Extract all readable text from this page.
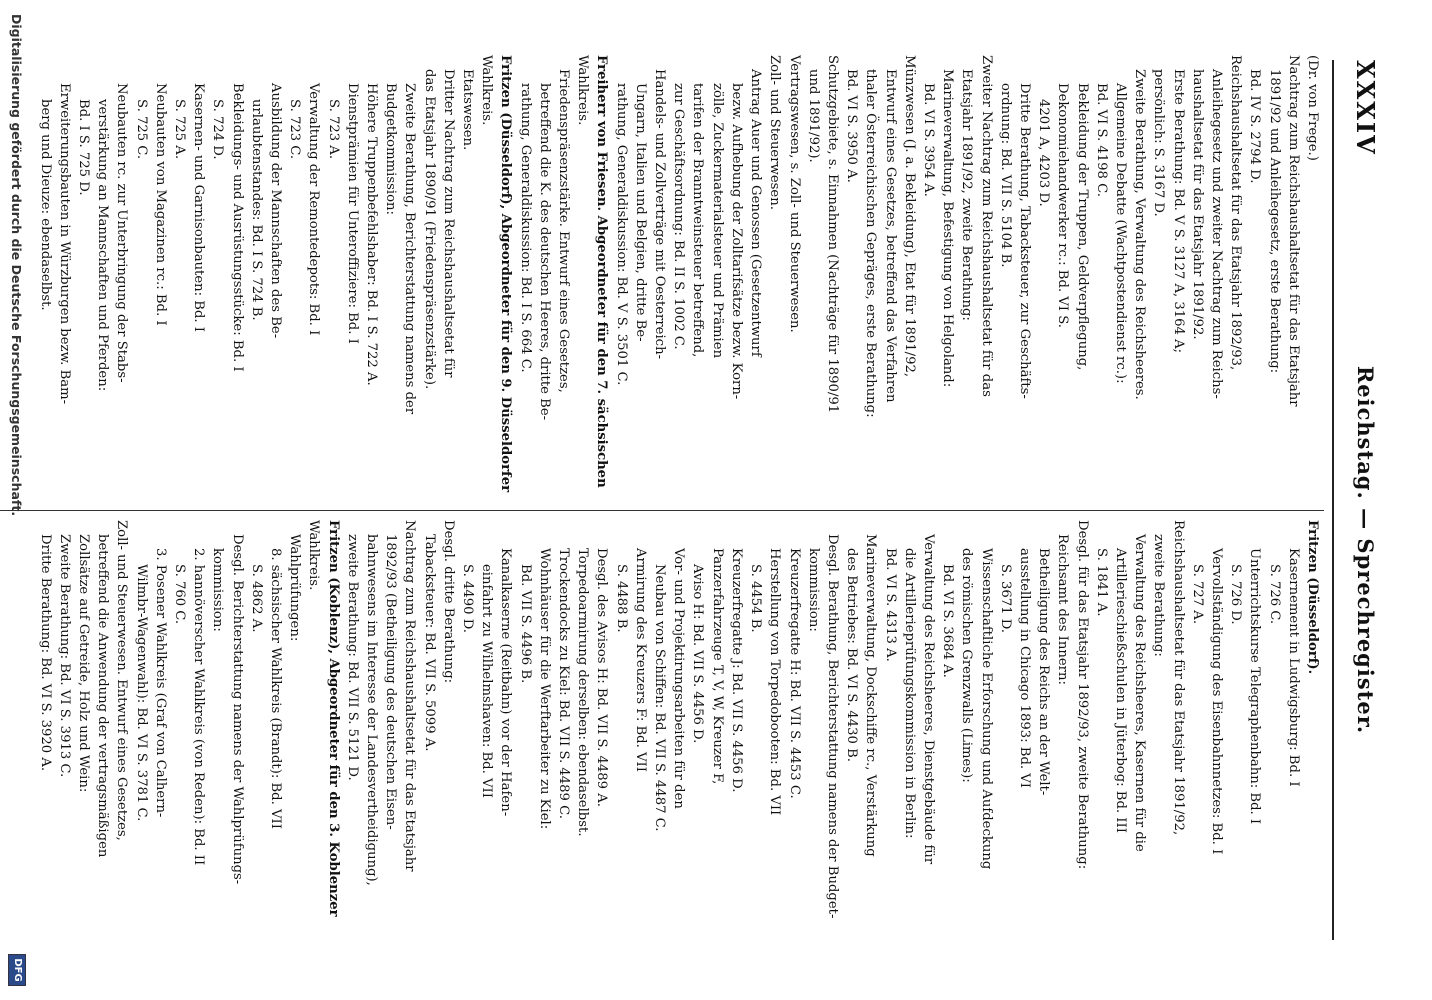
XXXIV
Reichstag. — Sprechregister.
(Dr. von Frege.)
Nachtrag zum Reichshaushaltsetat für das Etatsjahr
1891/92 und Anleihegesetz, erste Berathung:
Bd. IV S. 2794 D.
Reichshaushaltsetat für das Etatsjahr 1892/93,
Anleihegesetz und zweiter Nachtrag zum Reichs-
haushaltsetat für das Etatsjahr 1891/92.
Erste Berathung: Bd. V S. 3127 A, 3164 A;
persönlich: S. 3167 D.
Zweite Berathung, Verwaltung des Reichsheeres.
Allgemeine Debatte (Wachtpostendienst rc.):
Bd. VI S. 4198 C.
Bekleidung der Truppen, Geldverpflegung,
Dekonomiehandwerker rc.: Bd. VI S.
4201 A, 4203 D.
Dritte Berathung, Tabacksteuer, zur Geschäfts-
ordnung: Bd. VII S. 5104 B.
Zweiter Nachtrag zum Reichshaushaltsetat für das
Etatsjahr 1891/92, zweite Berathung:
Marineverwaltung, Befestigung von Helgoland:
Bd. VI S. 3954 A.
Münzwesen (J. a. Bekleidung), Etat für 1891/92,
Entwurf eines Gesetzes, betreffend das Verfahren
thaler Österreichischen Gepräges, erste Berathung:
Bd. VI S. 3950 A.
Schutzgebiete, s. Einnahmen (Nachträge für 1890/91
und 1891/92).
Vertragswesen, s. Zoll- und Steuerwesen.
Zoll- und Steuerwesen.
Antrag Auer und Genossen (Gesetzentwurf
bezw. Aufhebung der Zolltarifsätze bezw. Korn-
zölle, Zuckermaterialsteuer und Prämien
tarifen der Branntweinsteuer betreffend,
zur Geschäftsordnung: Bd. II S. 1002 C.
Handels- und Zollverträge mit Oesterreich-
Ungarn, Italien und Belgien, dritte Be-
rathung, Generaldiskussion: Bd. V S. 3501 C.
Freiherr von Friesen. Abgeordneter für den 7. sächsischen
Wahlkreis.
Friedenspräsenzstärke. Entwurf eines Gesetzes,
betreffend die K. des deutschen Heeres, dritte Be-
rathung, Generaldiskussion: Bd. I S. 664 C.
Fritzen (Düsseldorf), Abgeordneter für den 9. Düsseldorfer
Wahlkreis.
Etatswesen.
Dritter Nachtrag zum Reichshaushaltsetat für
das Etatsjahr 1890/91 (Friedenspräsenzstärke).
Zweite Berathung, Berichterstattung namens der
Budgetkommission:
Höhere Truppenbefehlshaber: Bd. I S. 722 A.
Dienstprämien für Unteroffiziere: Bd. I
S. 723 A.
Verwaltung der Remontedepots: Bd. I
S. 723 C.
Ausbildung der Mannschaften des Be-
urlaubtenstandes: Bd. I S. 724 B.
Bekleidungs- und Ausrüstungsstücke: Bd. I
S. 724 D.
Kasernen- und Garnisonbauten: Bd. I
S. 725 A.
Neubauten von Magazinen rc.: Bd. I
S. 725 C.
Neubauten rc. zur Unterbringung der Stabs-
verstärkung an Mannschaften und Pferden:
Bd. I S. 725 D.
Erweiterungsbauten in Würzburgen bezw. Bam-
berg und Dieuze: ebendaselbst.
Fritzen (Düsseldorf).
Kasernement in Ludwigsburg: Bd. I
S. 726 C.
Unterrichtskurse Telegraphenbahn: Bd. I
S. 726 D.
Vervollständigung des Eisenbahnnetzes: Bd. I
S. 727 A.
Reichshaushaltsetat für das Etatsjahr 1891/92,
zweite Berathung:
Verwaltung des Reichsheeres, Kasernen für die
Artillerieschießschulen in Jüterbog: Bd. III
S. 1841 A.
Desgl. für das Etatsjahr 1892/93, zweite Berathung:
Reichsamt des Innern:
Betheiligung des Reichs an der Welt-
ausstellung in Chicago 1893: Bd. VI
S. 3671 D.
Wissenschaftliche Erforschung und Aufdeckung
des römischen Grenzwalls (Limes):
Bd. VI S. 3684 A.
Verwaltung des Reichsheeres, Dienstgebäude für
die Artillerieprüfungskommission in Berlin:
Bd. VI S. 4313 A.
Marineverwaltung, Dockschiffe rc., Verstärkung
des Betriebes: Bd. VI S. 4430 B.
Desgl. Berathung, Berichterstattung namens der Budget-
kommission:
Kreuzerfregatte H: Bd. VII S. 4453 C.
Herstellung von Torpedobooten: Bd. VII
S. 4454 B.
Kreuzerfregatte J: Bd. VII S. 4456 D.
Panzerfahrzeuge T, V, W, Kreuzer F,
Aviso H: Bd. VII S. 4456 D.
Vor- und Projektirungsarbeiten für den
Neubau von Schiffen: Bd. VII S. 4487 C.
Armirung des Kreuzers F: Bd. VII
S. 4488 B.
Desgl. des Avisos H: Bd. VII S. 4489 A.
Torpedoarmirung derselben: ebendaselbst.
Trockendocks zu Kiel: Bd. VII S. 4489 C.
Wohnhäuser für die Werftarbeiter zu Kiel:
Bd. VII S. 4496 B.
Kanalkaserne (Reitbahn) vor der Hafen-
einfahrt zu Wilhelmshaven: Bd. VII
S. 4490 D.
Desgl. dritte Berathung:
Tabacksteuer: Bd. VII S. 5099 A.
Nachtrag zum Reichshaushaltsetat für das Etatsjahr
1892/93 (Betheiligung des deutschen Eisen-
bahnwesens im Interesse der Landesvertheidigung),
zweite Berathung: Bd. VII S. 5121 D.
Fritzen (Koblenz), Abgeordneter für den 3. Koblenzer
Wahlkreis.
Wahlprüfungen:
8. sächsischer Wahlkreis (Brandt): Bd. VII
S. 4862 A.
Desgl. Berichterstattung namens der Wahlprüfungs-
kommission:
2. hannöverscher Wahlkreis (von Reden): Bd. II
S. 760 C.
3. Posener Wahlkreis (Graf von Calhern-
Wilmbr-Wagenwahl): Bd. VI S. 3781 C.
Zoll- und Steuerwesen. Entwurf eines Gesetzes,
betreffend die Anwendung der vertragsmäßigen
Zollsätze auf Getreide, Holz und Wein:
Zweite Berathung: Bd. VI S. 3913 C.
Dritte Berathung: Bd. VI S. 3920 A.
Digitalisierung gefördert durch die Deutsche Forschungsgemeinschaft.
DFG
